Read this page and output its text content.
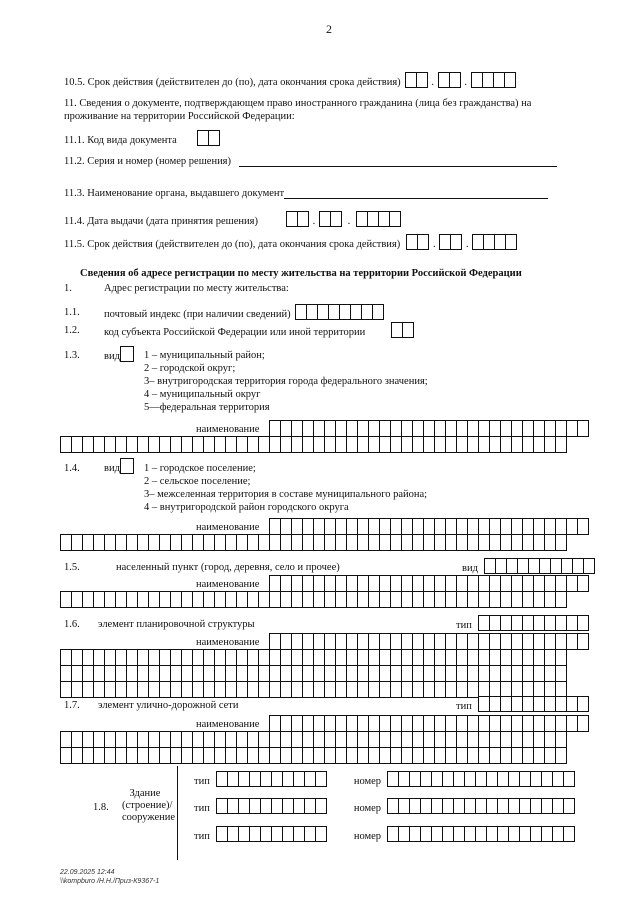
2
10.5. Срок действия (действителен до (по), дата окончания срока действия)	.	.
11. Сведения о документе, подтверждающем право иностранного гражданина (лица без гражданства) на
проживание на территории Российской Федерации:
11.1. Код вида документа
11.2. Серия и номер (номер решения)
11.3. Наименование органа, выдавшего документ
11.4. Дата выдачи (дата принятия решения)	.	.
11.5. Срок действия (действителен до (по), дата окончания срока действия)	.	.
Сведения об адресе регистрации по месту жительства на территории Российской Федерации
1.	Адрес регистрации по месту жительства:
1.1. почтовый индекс (при наличии сведений)
1.2. код субъекта Российской Федерации или иной территории
1.3. вид 1 – муниципальный район;
2 – городской округ;
3– внутригородская территория города федерального значения;
4 – муниципальный округ
5—федеральная территория
наименование
1.4. вид 1 – городское поселение;
2 – сельское поселение;
3– межселенная территория в составе муниципального района;
4 – внутригородской район городского округа
наименование
1.5.	населенный пункт (город, деревня, село и прочее)	вид
наименование
1.6. элемент планировочной структуры	тип
наименование
1.7. элемент улично-дорожной сети	тип
наименование
1.8.
Здание
(строение)/
сооружение
тип	номер
тип	номер
тип	номер
22.09.2025 12:44
\\kompburo /Н.Н./Приз-К9367-1
